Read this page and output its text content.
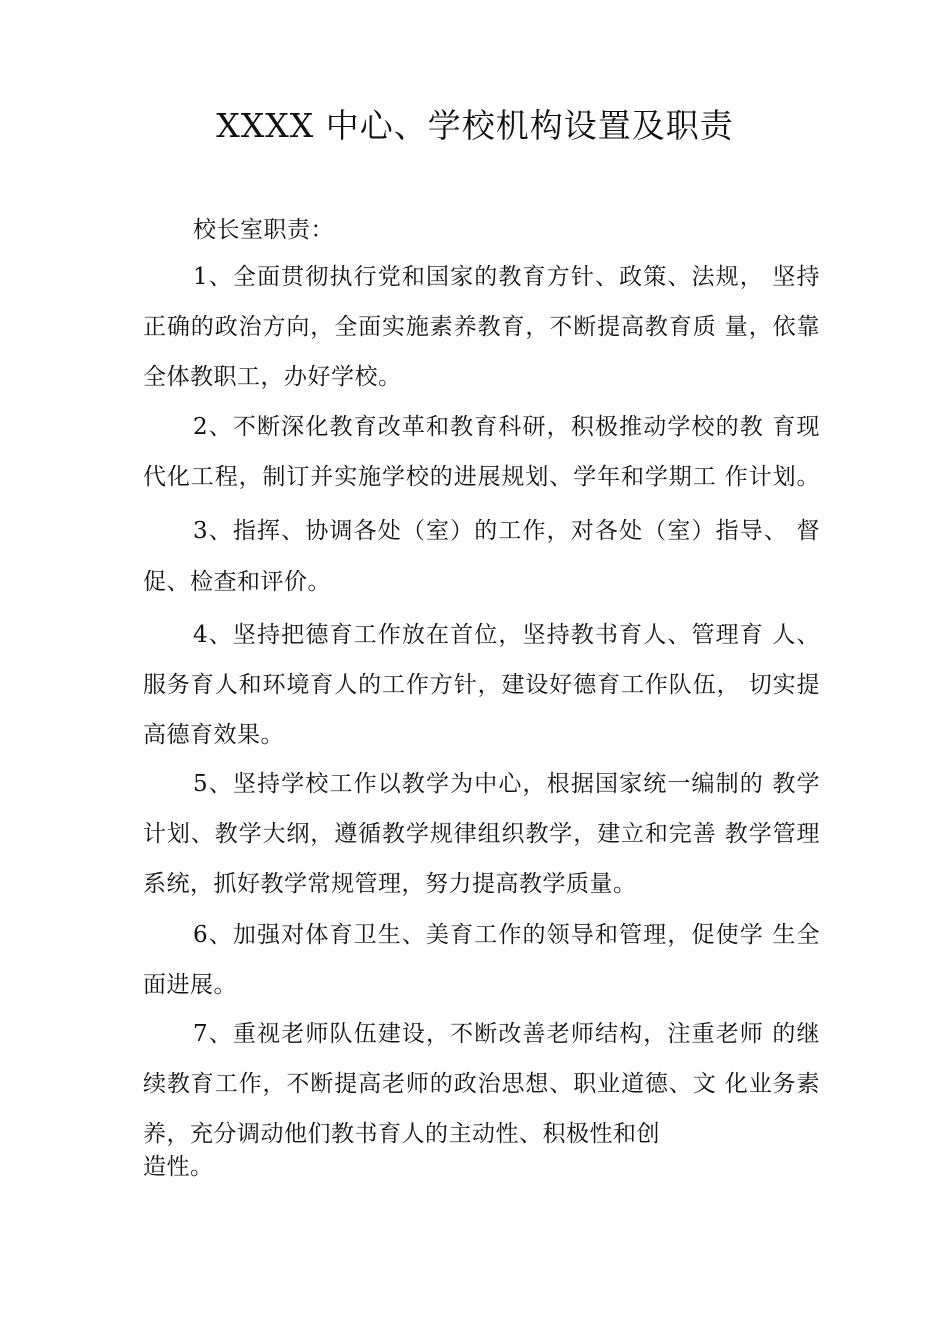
XXXX 中心、学校机构设置及职责
校长室职责：
1、全面贯彻执行党和国家的教育方针、政策、法规， 坚持
正确的政治方向，全面实施素养教育，不断提高教育质 量，依靠
全体教职工，办好学校。
2、不断深化教育改革和教育科研，积极推动学校的教 育现
代化工程，制订并实施学校的进展规划、学年和学期工 作计划。
3、指挥、协调各处（室）的工作，对各处（室）指导、 督
促、检查和评价。
4、坚持把德育工作放在首位，坚持教书育人、管理育 人、
服务育人和环境育人的工作方针，建设好德育工作队伍， 切实提
高德育效果。
5、坚持学校工作以教学为中心，根据国家统一编制的 教学
计划、教学大纲，遵循教学规律组织教学，建立和完善 教学管理
系统，抓好教学常规管理，努力提高教学质量。
6、加强对体育卫生、美育工作的领导和管理，促使学 生全
面进展。
7、重视老师队伍建设，不断改善老师结构，注重老师 的继
续教育工作，不断提高老师的政治思想、职业道德、文 化业务素
养，充分调动他们教书育人的主动性、积极性和创
造性。
